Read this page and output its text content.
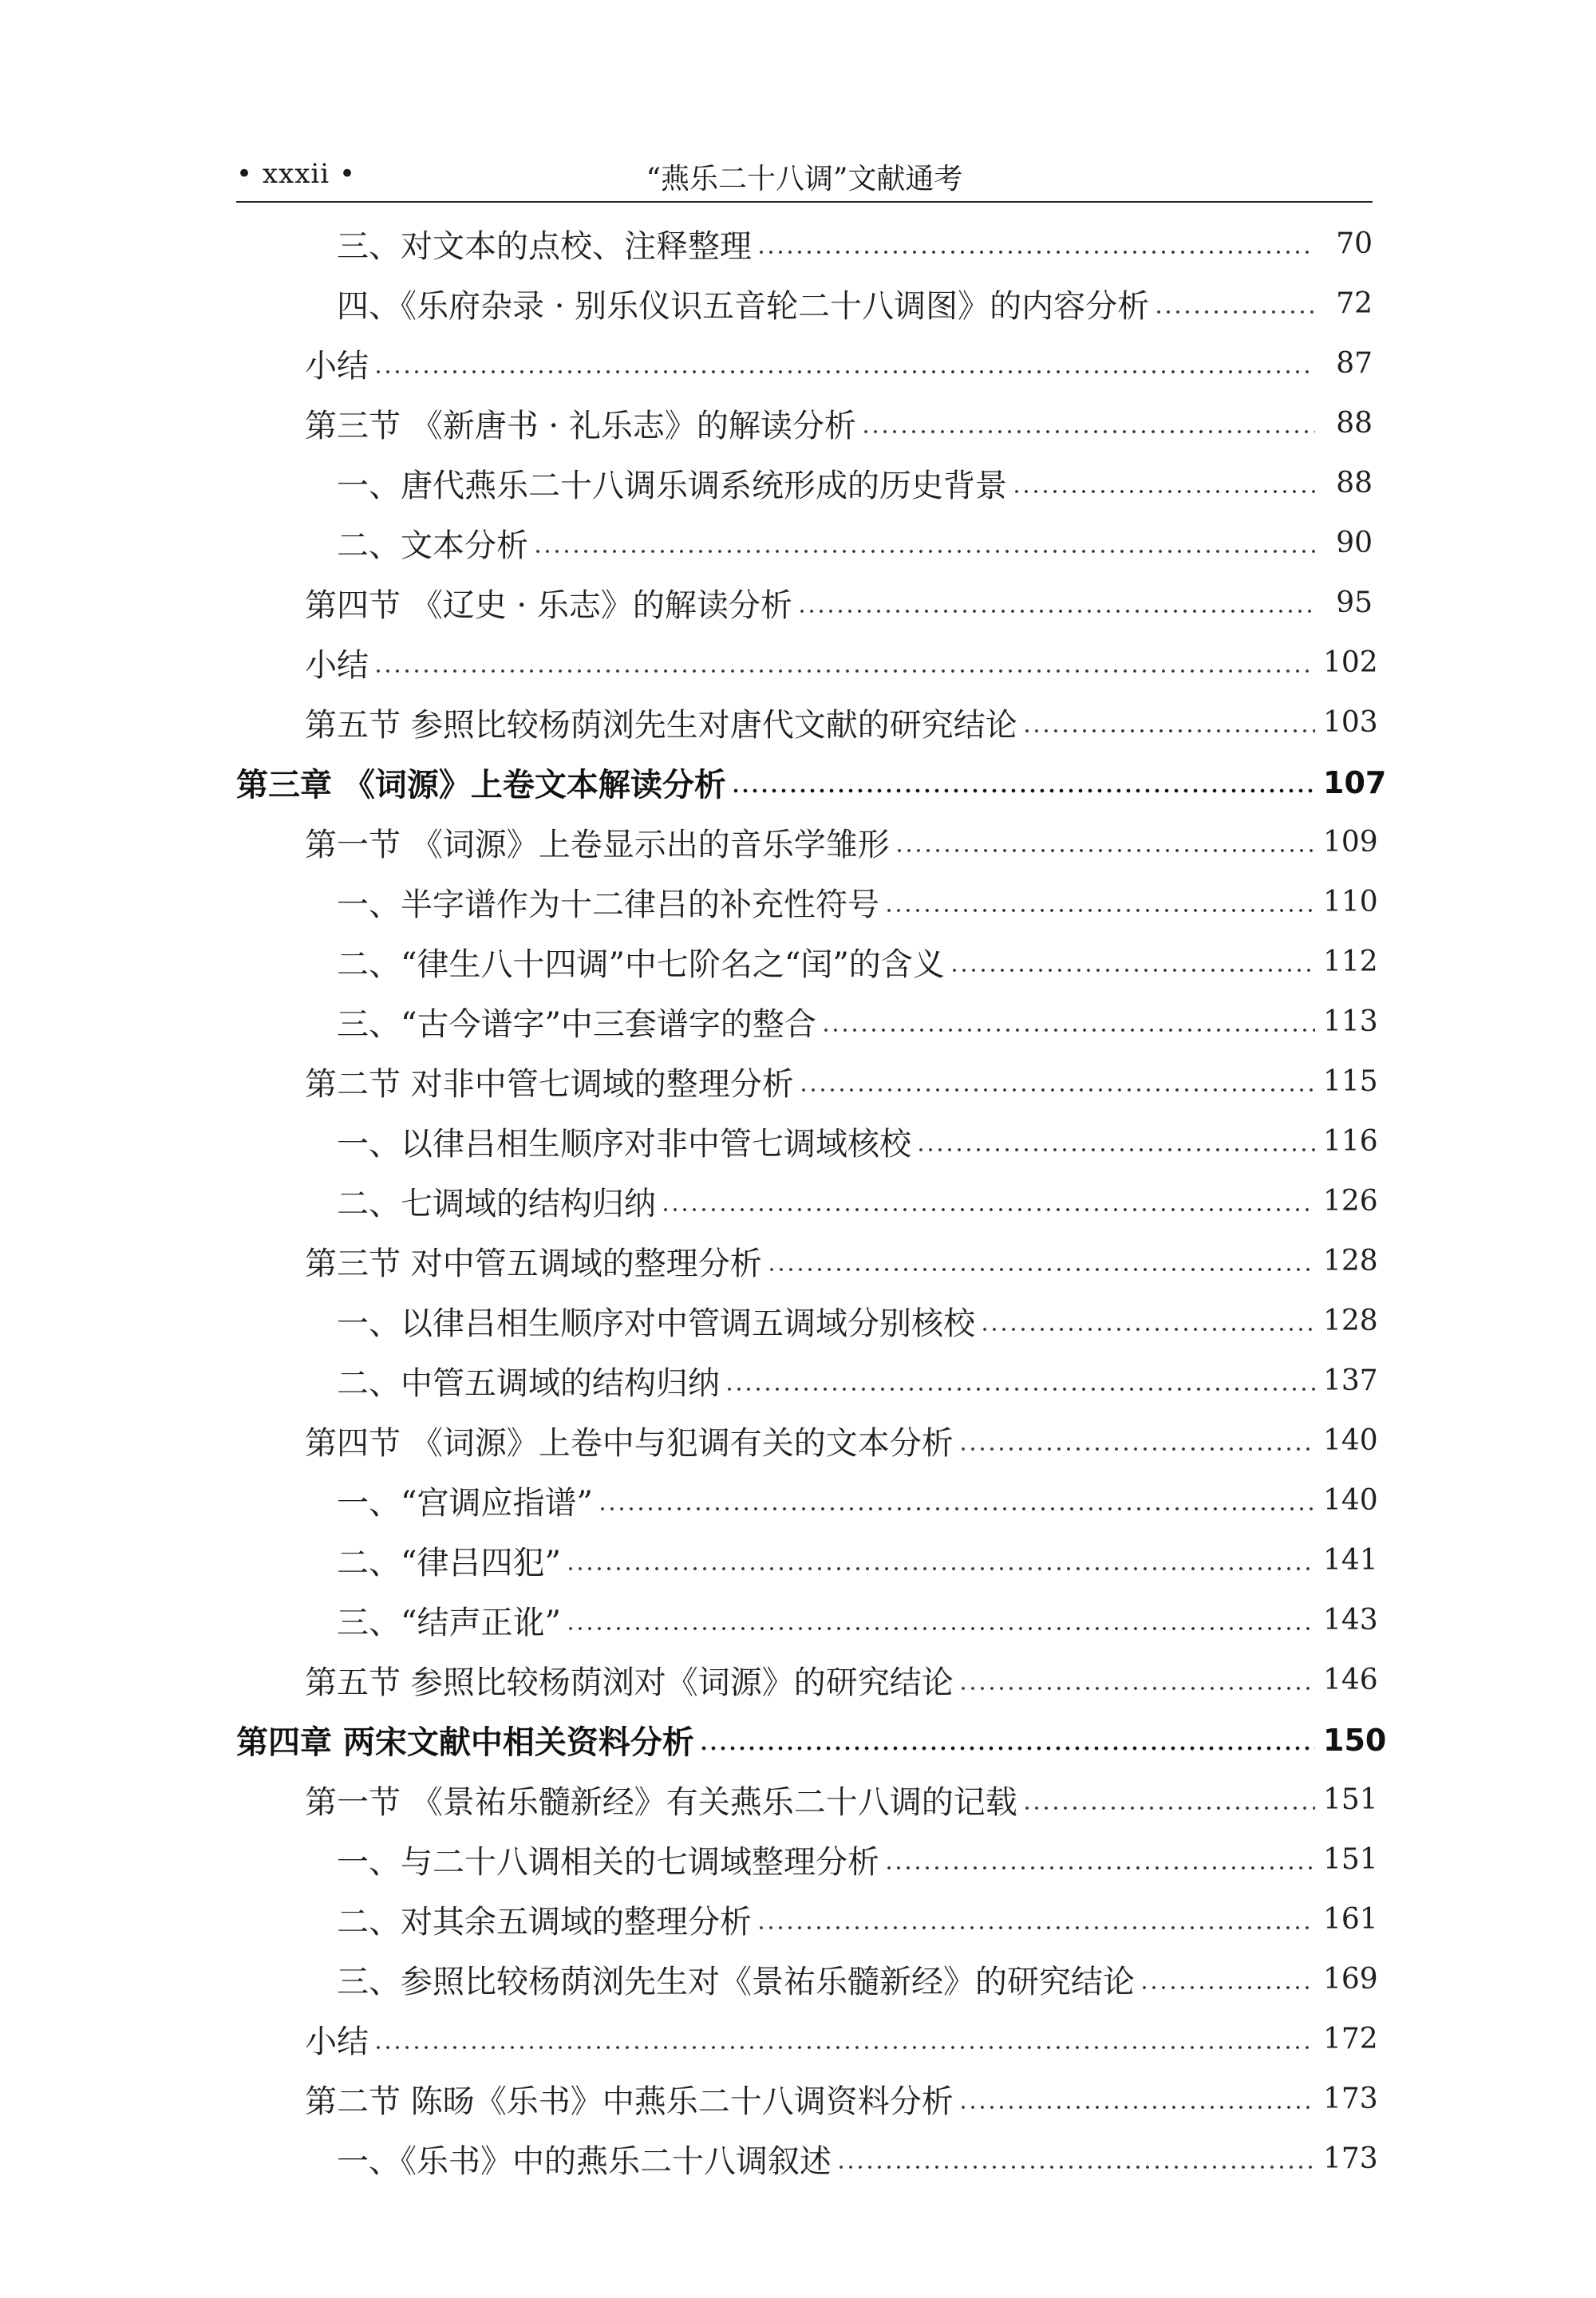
• xxxii •	“燕乐二十八调”文献通考
三、对文本的点校、注释整理	70
四、《乐府杂录 · 别乐仪识五音轮二十八调图》的内容分析	72
小结	87
第三节 《新唐书 · 礼乐志》的解读分析	88
一、唐代燕乐二十八调乐调系统形成的历史背景	88
二、文本分析	90
第四节 《辽史 · 乐志》的解读分析	95
小结	102
第五节 参照比较杨荫浏先生对唐代文献的研究结论	103
第三章 《词源》上卷文本解读分析	107
第一节 《词源》上卷显示出的音乐学雏形	109
一、半字谱作为十二律吕的补充性符号	110
二、“律生八十四调”中七阶名之“闰”的含义	112
三、“古今谱字”中三套谱字的整合	113
第二节 对非中管七调域的整理分析	115
一、以律吕相生顺序对非中管七调域核校	116
二、七调域的结构归纳	126
第三节 对中管五调域的整理分析	128
一、以律吕相生顺序对中管调五调域分别核校	128
二、中管五调域的结构归纳	137
第四节 《词源》上卷中与犯调有关的文本分析	140
一、“宫调应指谱”	140
二、“律吕四犯”	141
三、“结声正讹”	143
第五节 参照比较杨荫浏对《词源》的研究结论	146
第四章 两宋文献中相关资料分析	150
第一节 《景祐乐髓新经》有关燕乐二十八调的记载	151
一、与二十八调相关的七调域整理分析	151
二、对其余五调域的整理分析	161
三、参照比较杨荫浏先生对《景祐乐髓新经》的研究结论	169
小结	172
第二节 陈旸《乐书》中燕乐二十八调资料分析	173
一、《乐书》中的燕乐二十八调叙述	173
